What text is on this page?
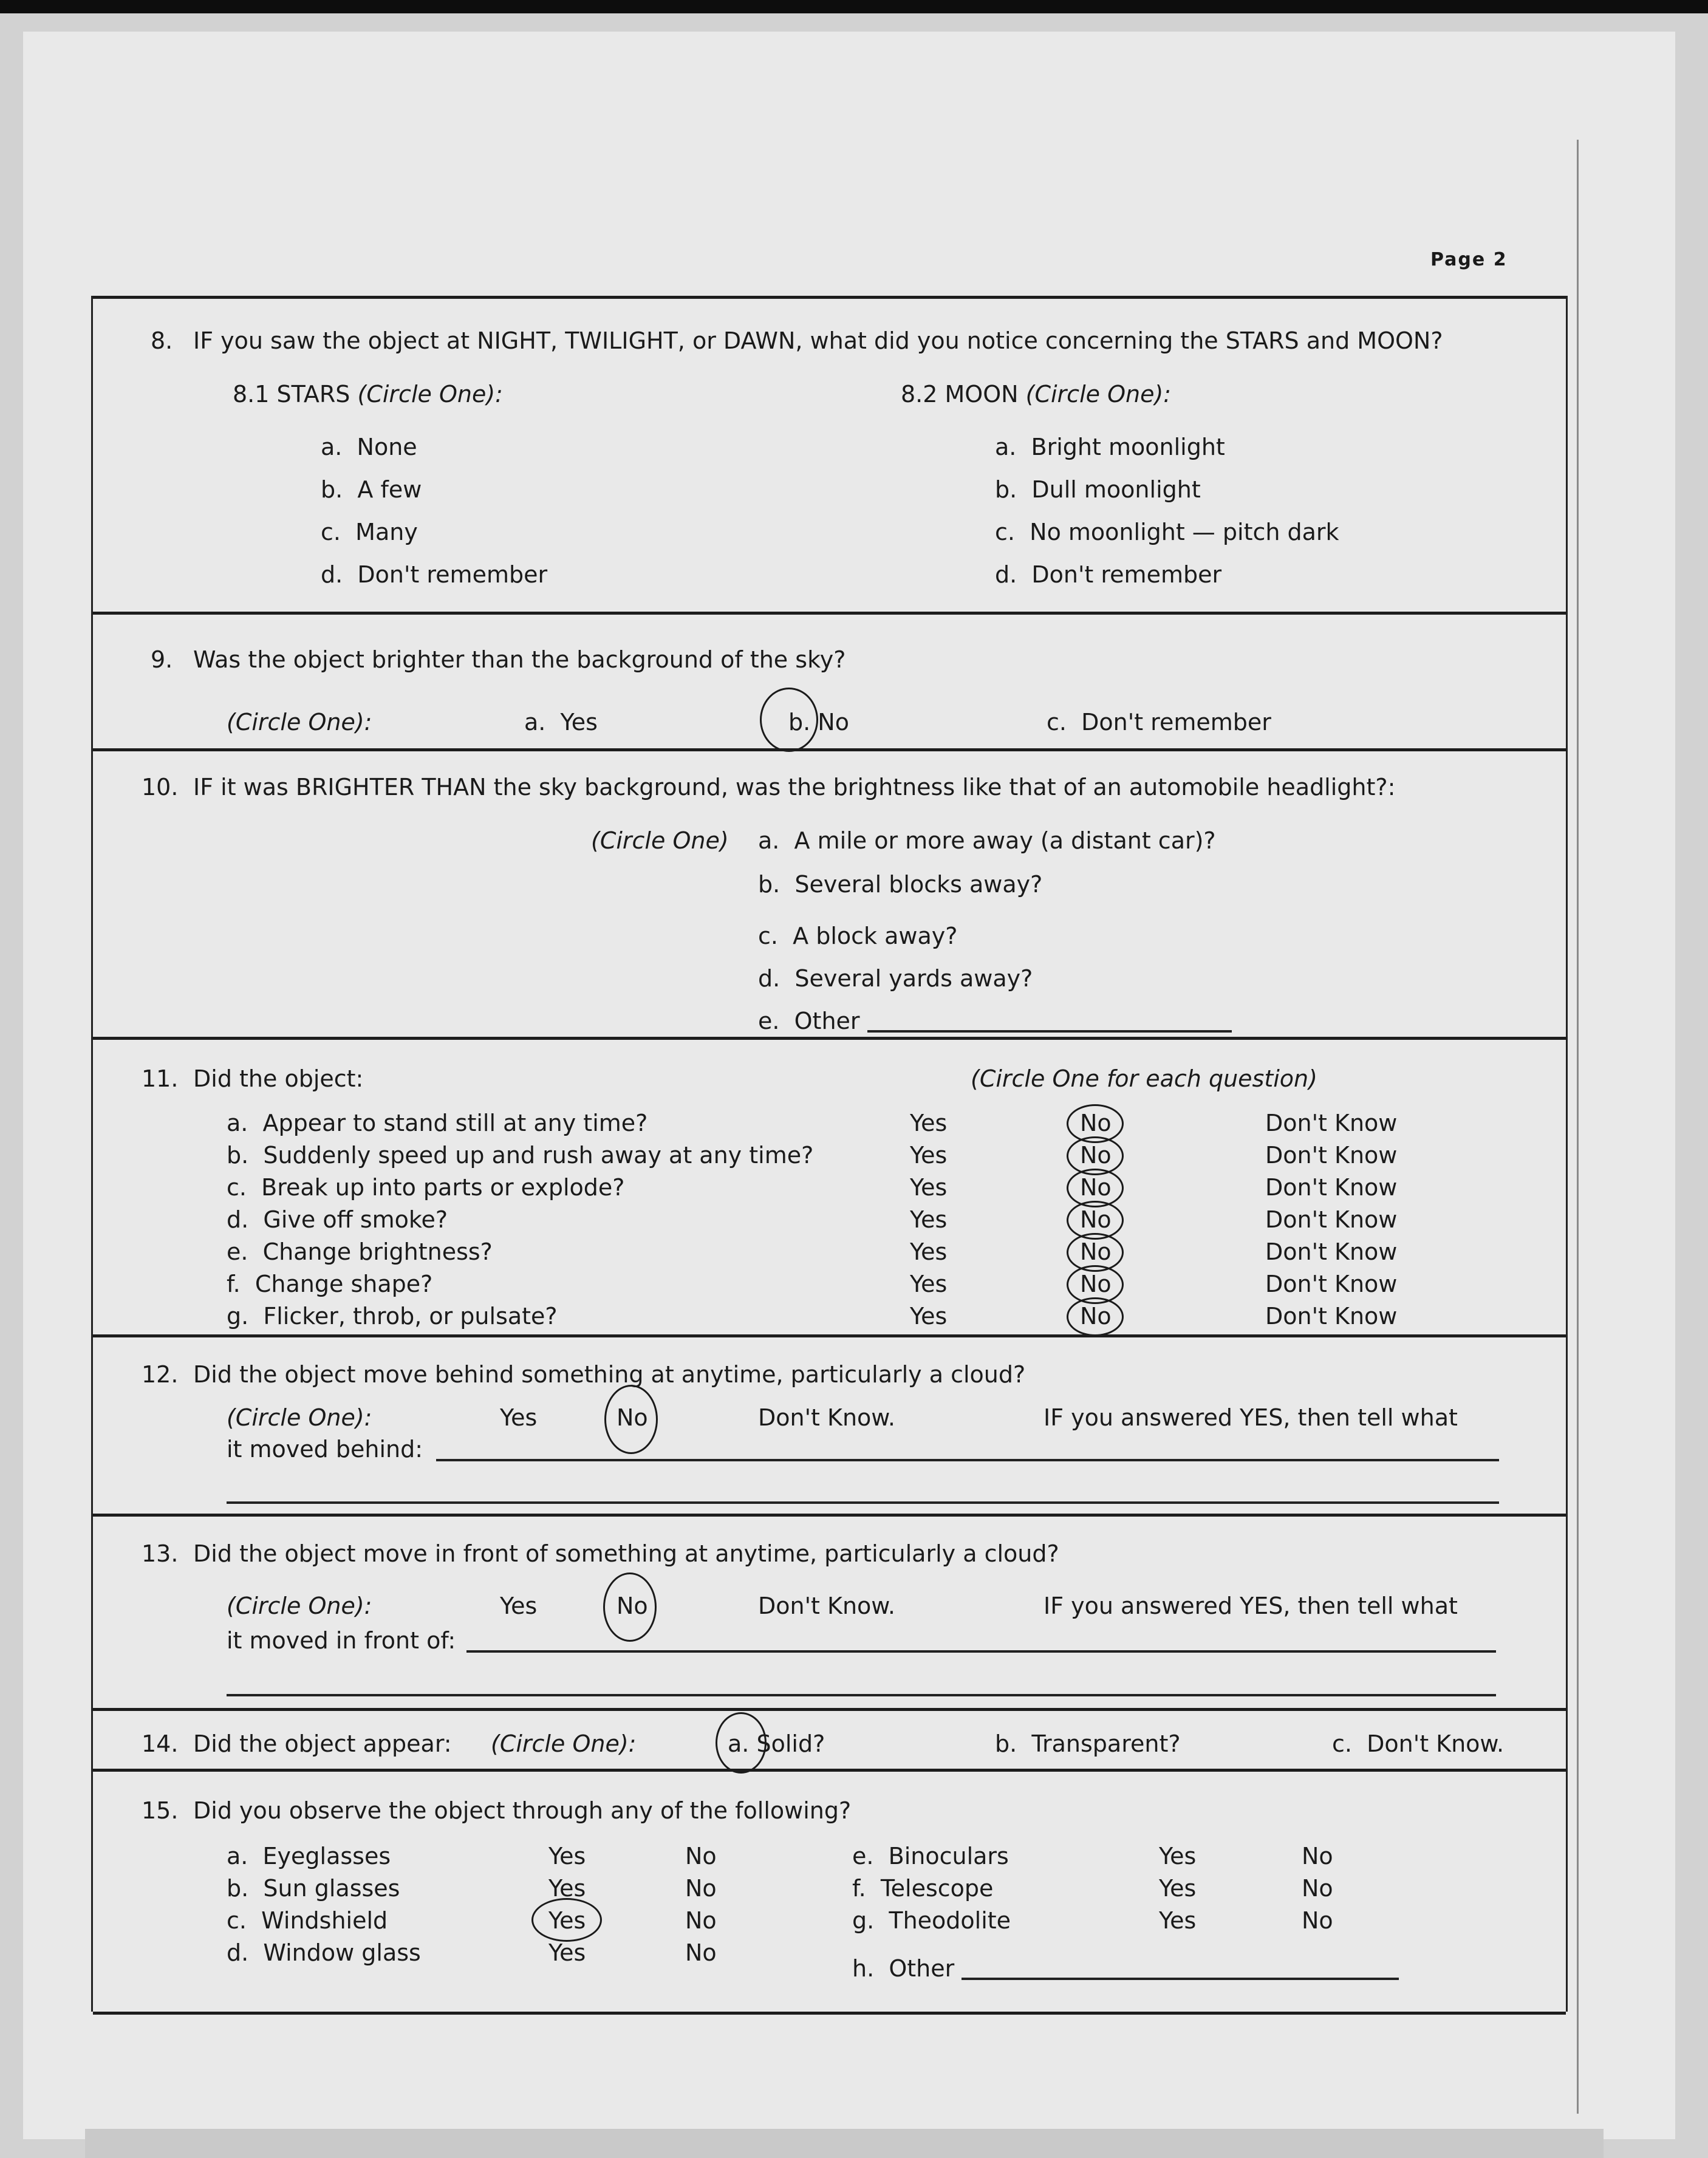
Page 2
8. IF you saw the object at NIGHT, TWILIGHT, or DAWN, what did you notice concerning the STARS and MOON?
8.1 STARS (Circle One):
a. None
b. A few
c. Many
d. Don't remember
8.2 MOON (Circle One):
a. Bright moonlight
b. Dull moonlight
c. No moonlight — pitch dark
d. Don't remember
9. Was the object brighter than the background of the sky?
(Circle One):	a. Yes	b. No	c. Don't remember
10. IF it was BRIGHTER THAN the sky background, was the brightness like that of an automobile headlight?:
(Circle One) a. A mile or more away (a distant car)?
b. Several blocks away?
c. A block away?
d. Several yards away?
e. Other
11. Did the object:	(Circle One for each question)
a. Appear to stand still at any time?	Yes	No	Don't Know
b. Suddenly speed up and rush away at any time?	Yes	No	Don't Know
c. Break up into parts or explode?	Yes	No	Don't Know
d. Give off smoke?	Yes	No	Don't Know
e. Change brightness?	Yes	No	Don't Know
f. Change shape?	Yes	No	Don't Know
g. Flicker, throb, or pulsate?	Yes	No	Don't Know
12. Did the object move behind something at anytime, particularly a cloud?
(Circle One):	Yes	No	Don't Know.	IF you answered YES, then tell what
it moved behind:
13. Did the object move in front of something at anytime, particularly a cloud?
(Circle One):	Yes	No	Don't Know.	IF you answered YES, then tell what
it moved in front of:
14. Did the object appear: (Circle One):	a. Solid?	b. Transparent?	c. Don't Know.
15. Did you observe the object through any of the following?
a. Eyeglasses	Yes	No
b. Sun glasses	Yes	No
c. Windshield	Yes	No
d. Window glass	Yes	No
e. Binoculars	Yes	No
f. Telescope	Yes	No
g. Theodolite	Yes	No
h. Other
